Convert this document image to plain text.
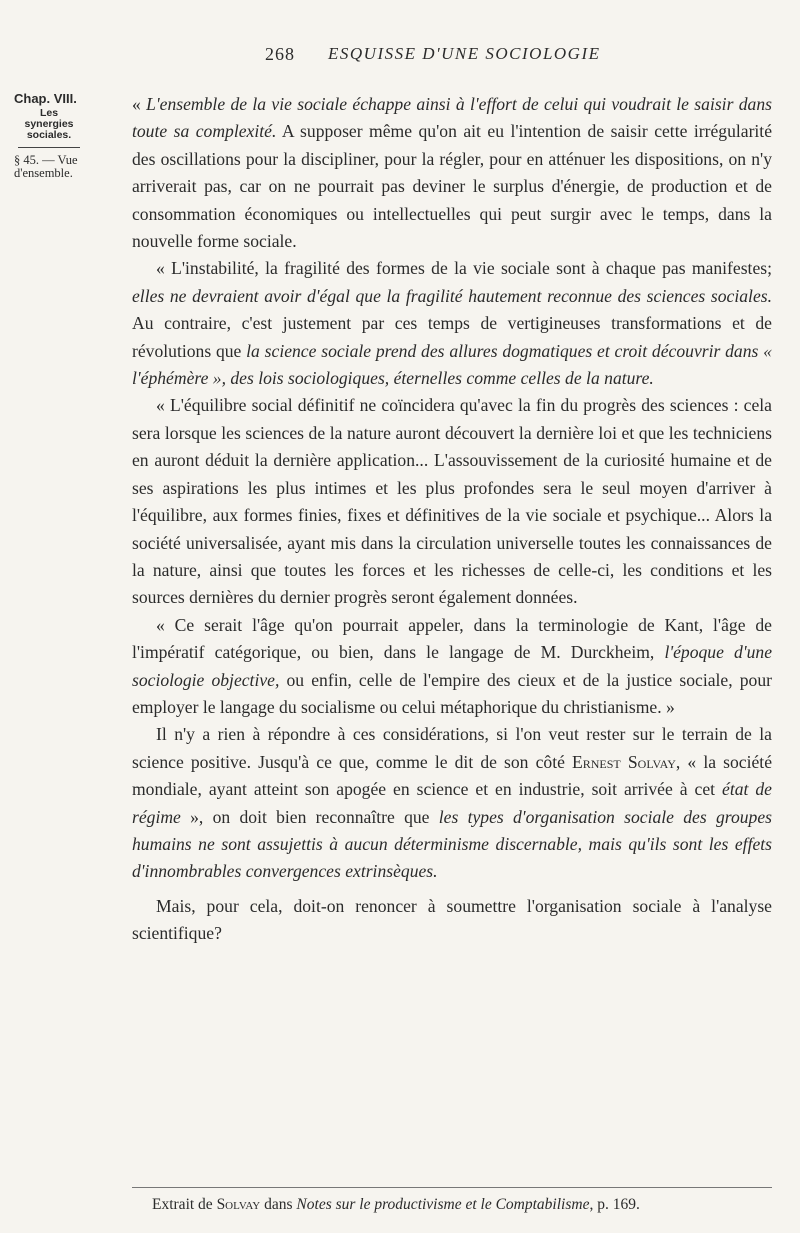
268 ESQUISSE D'UNE SOCIOLOGIE
Chap. VIII.
Les synergies sociales.
§ 45. — Vue d'ensemble.

« L'ensemble de la vie sociale échappe ainsi à l'effort de celui qui voudrait le saisir dans toute sa complexité. A supposer même qu'on ait eu l'intention de saisir cette irrégularité des oscillations pour la discipliner, pour la régler, pour en atténuer les dispositions, on n'y arriverait pas, car on ne pourrait pas deviner le surplus d'énergie, de production et de consommation économiques ou intellectuelles qui peut surgir avec le temps, dans la nouvelle forme sociale.

« L'instabilité, la fragilité des formes de la vie sociale sont à chaque pas manifestes; elles ne devraient avoir d'égal que la fragilité hautement reconnue des sciences sociales. Au contraire, c'est justement par ces temps de vertigineuses transformations et de révolutions que la science sociale prend des allures dogmatiques et croit découvrir dans « l'éphémère », des lois sociologiques, éternelles comme celles de la nature.

« L'équilibre social définitif ne coïncidera qu'avec la fin du progrès des sciences : cela sera lorsque les sciences de la nature auront découvert la dernière loi et que les techniciens en auront déduit la dernière application... L'assouvissement de la curiosité humaine et de ses aspirations les plus intimes et les plus profondes sera le seul moyen d'arriver à l'équilibre, aux formes finies, fixes et définitives de la vie sociale et psychique... Alors la société universalisée, ayant mis dans la circulation universelle toutes les connaissances de la nature, ainsi que toutes les forces et les richesses de celle-ci, les conditions et les sources dernières du dernier progrès seront également données.

« Ce serait l'âge qu'on pourrait appeler, dans la terminologie de Kant, l'âge de l'impératif catégorique, ou bien, dans le langage de M. Durckheim, l'époque d'une sociologie objective, ou enfin, celle de l'empire des cieux et de la justice sociale, pour employer le langage du socialisme ou celui métaphorique du christianisme. »

Il n'y a rien à répondre à ces considérations, si l'on veut rester sur le terrain de la science positive. Jusqu'à ce que, comme le dit de son côté Ernest Solvay, « la société mondiale, ayant atteint son apogée en science et en industrie, soit arrivée à cet état de régime », on doit bien reconnaître que les types d'organisation sociale des groupes humains ne sont assujettis à aucun déterminisme discernable, mais qu'ils sont les effets d'innombrables convergences extrinsèques.

Mais, pour cela, doit-on renoncer à soumettre l'organisation sociale à l'analyse scientifique?

Extrait de Solvay dans Notes sur le productivisme et le Comptabilisme, p. 169.
